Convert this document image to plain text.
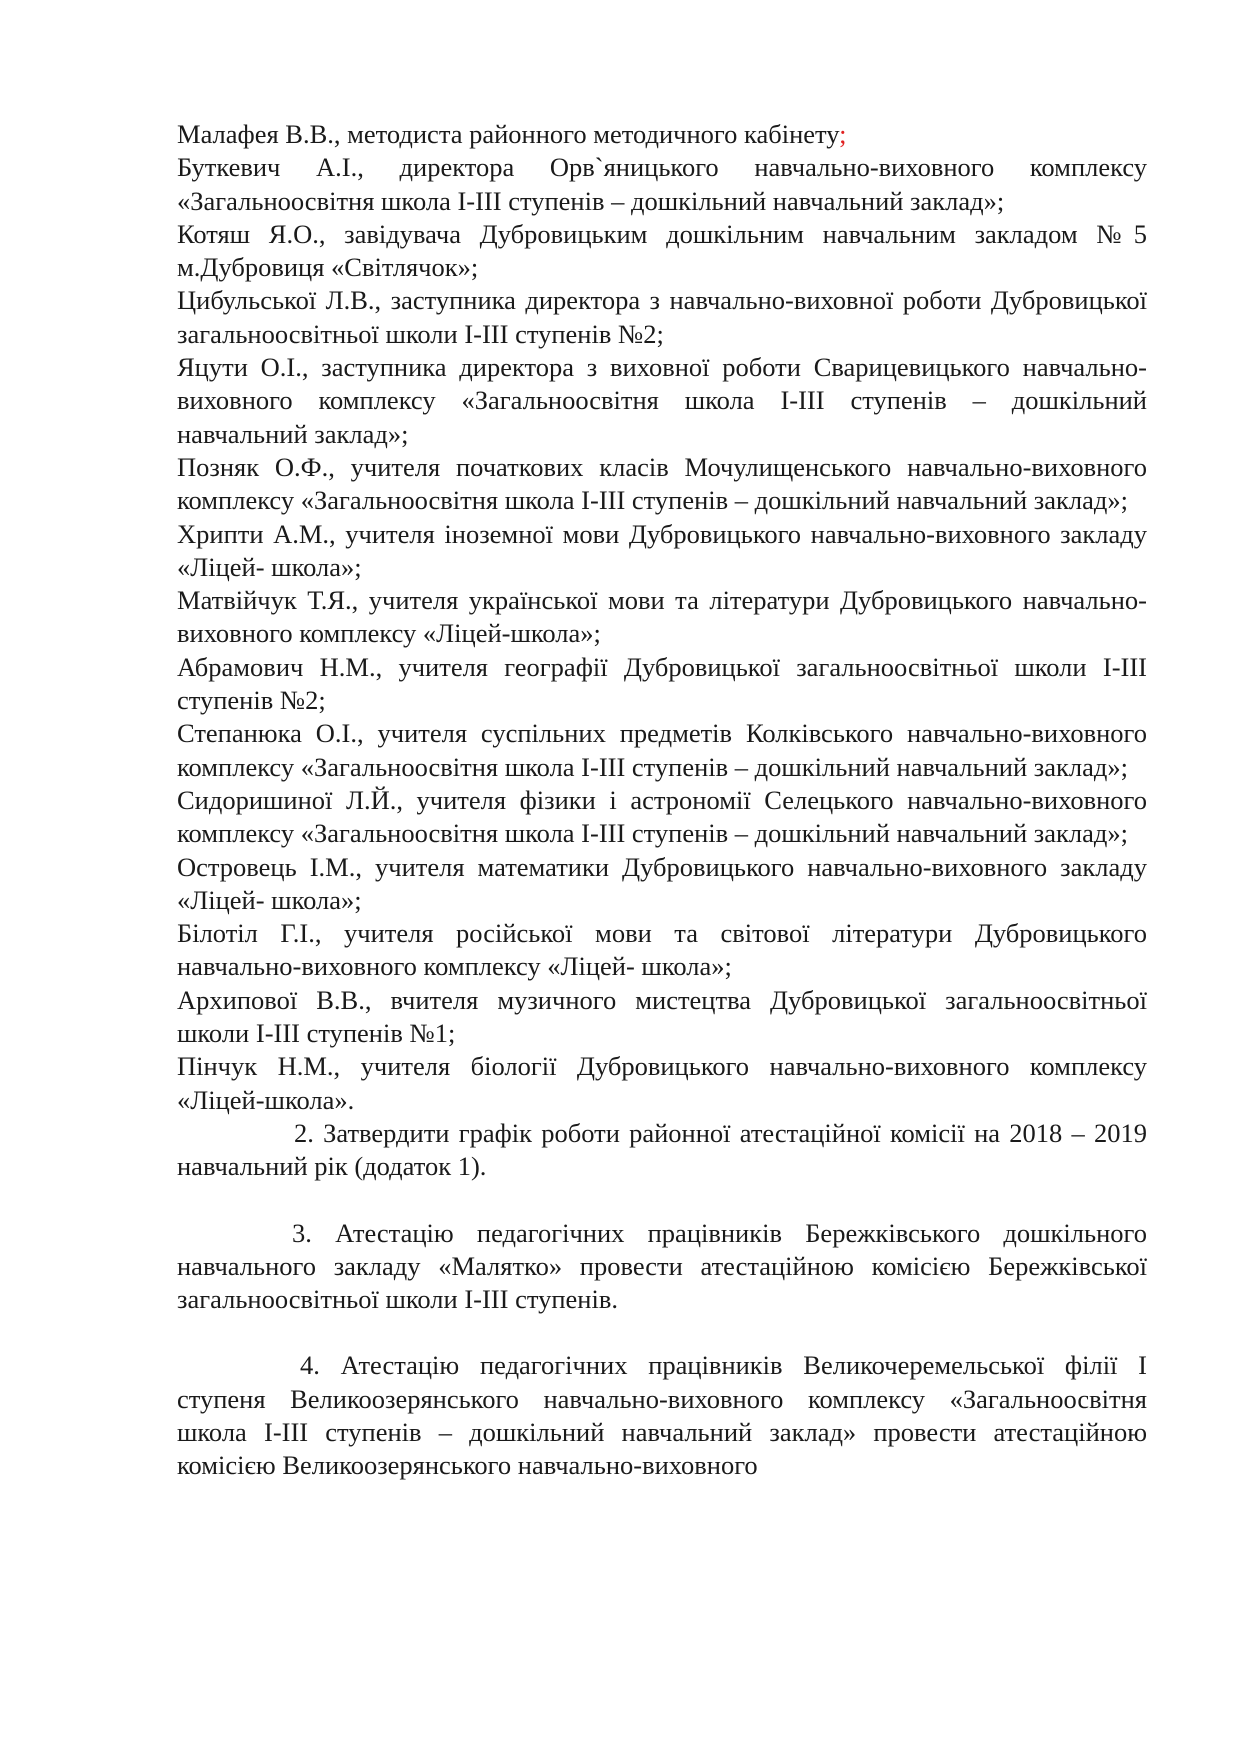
Малафея В.В., методиста районного методичного кабінету;

Буткевич А.І., директора Орв`яницького навчально-виховного комплексу «Загальноосвітня школа І-ІІІ ступенів – дошкільний навчальний заклад»;

Котяш Я.О., завідувача Дубровицьким дошкільним навчальним закладом №5 м.Дубровиця «Світлячок»;

Цибульської Л.В., заступника директора з навчально-виховної роботи Дубровицької загальноосвітньої школи І-ІІІ ступенів №2;

Яцути О.І., заступника директора з виховної роботи Сварицевицького навчально-виховного комплексу «Загальноосвітня школа І-ІІІ ступенів – дошкільний навчальний заклад»;

Позняк О.Ф., учителя початкових класів Мочулищенського навчально-виховного комплексу «Загальноосвітня школа І-ІІІ ступенів – дошкільний навчальний заклад»;

Хрипти А.М., учителя іноземної мови Дубровицького навчально-виховного закладу «Ліцей- школа»;

Матвійчук Т.Я., учителя української мови та літератури Дубровицького навчально-виховного комплексу «Ліцей-школа»;

Абрамович Н.М., учителя географії Дубровицької загальноосвітньої школи І-ІІІ ступенів №2;

Степанюка О.І., учителя суспільних предметів Колківського навчально-виховного комплексу «Загальноосвітня школа І-ІІІ ступенів – дошкільний навчальний заклад»;

Сидоришиної Л.Й., учителя фізики і астрономії Селецького навчально-виховного комплексу «Загальноосвітня школа І-ІІІ ступенів – дошкільний навчальний заклад»;

Островець І.М., учителя математики Дубровицького навчально-виховного закладу «Ліцей- школа»;

Білотіл Г.І., учителя російської мови та світової літератури Дубровицького навчально-виховного комплексу «Ліцей- школа»;

Архипової В.В., вчителя музичного мистецтва Дубровицької загальноосвітньої школи І-ІІІ ступенів №1;

Пінчук Н.М., учителя біології Дубровицького навчально-виховного комплексу «Ліцей-школа».

2. Затвердити графік роботи районної атестаційної комісії на 2018 – 2019 навчальний рік (додаток 1).

3. Атестацію педагогічних працівників Бережківського дошкільного навчального закладу «Малятко» провести атестаційною комісією Бережківської загальноосвітньої школи І-ІІІ ступенів.

4. Атестацію педагогічних працівників Великочеремельської філії І ступеня Великоозерянського навчально-виховного комплексу «Загальноосвітня школа І-ІІІ ступенів – дошкільний навчальний заклад» провести атестаційною комісією Великоозерянського навчально-виховного
